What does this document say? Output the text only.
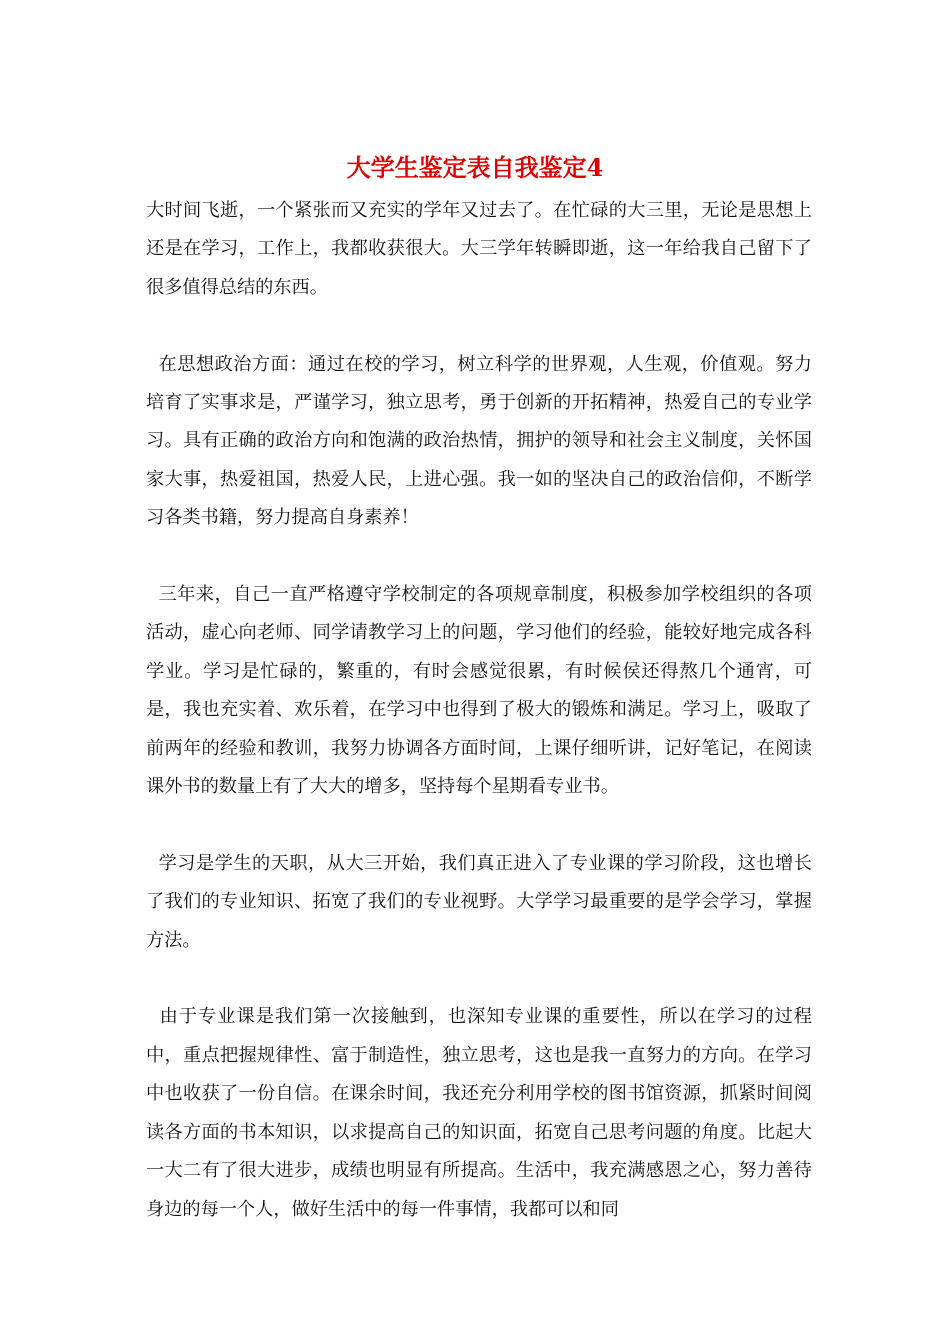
大学生鉴定表自我鉴定4

大时间飞逝，一个紧张而又充实的学年又过去了。在忙碌的大三里，无论是思想上还是在学习，工作上，我都收获很大。大三学年转瞬即逝，这一年给我自己留下了很多值得总结的东西。

在思想政治方面：通过在校的学习，树立科学的世界观，人生观，价值观。努力培育了实事求是，严谨学习，独立思考，勇于创新的开拓精神，热爱自己的专业学习。具有正确的政治方向和饱满的政治热情，拥护的领导和社会主义制度，关怀国家大事，热爱祖国，热爱人民，上进心强。我一如的坚决自己的政治信仰，不断学习各类书籍，努力提高自身素养！

三年来，自己一直严格遵守学校制定的各项规章制度，积极参加学校组织的各项活动，虚心向老师、同学请教学习上的问题，学习他们的经验，能较好地完成各科学业。学习是忙碌的，繁重的，有时会感觉很累，有时候侯还得熬几个通宵，可是，我也充实着、欢乐着，在学习中也得到了极大的锻炼和满足。学习上，吸取了前两年的经验和教训，我努力协调各方面时间，上课仔细听讲，记好笔记，在阅读课外书的数量上有了大大的增多，坚持每个星期看专业书。

学习是学生的天职，从大三开始，我们真正进入了专业课的学习阶段，这也增长了我们的专业知识、拓宽了我们的专业视野。大学学习最重要的是学会学习，掌握方法。

由于专业课是我们第一次接触到，也深知专业课的重要性，所以在学习的过程中，重点把握规律性、富于制造性，独立思考，这也是我一直努力的方向。在学习中也收获了一份自信。在课余时间，我还充分利用学校的图书馆资源，抓紧时间阅读各方面的书本知识，以求提高自己的知识面，拓宽自己思考问题的角度。比起大一大二有了很大进步，成绩也明显有所提高。生活中，我充满感恩之心，努力善待身边的每一个人，做好生活中的每一件事情，我都可以和同
